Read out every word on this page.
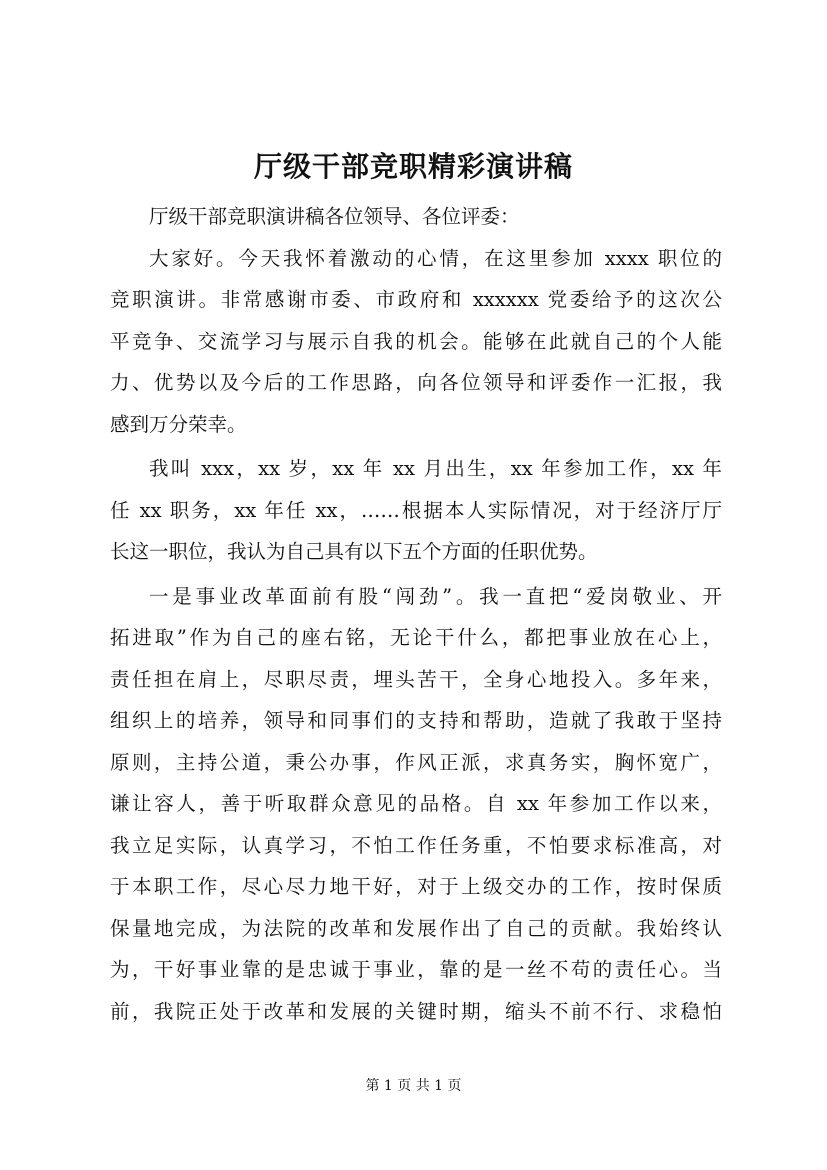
厅级干部竞职精彩演讲稿
厅级干部竞职演讲稿各位领导、各位评委：
大家好。今天我怀着激动的心情，在这里参加 xxxx 职位的
竞职演讲。非常感谢市委、市政府和 xxxxxx 党委给予的这次公
平竞争、交流学习与展示自我的机会。能够在此就自己的个人能
力、优势以及今后的工作思路，向各位领导和评委作一汇报，我
感到万分荣幸。
我叫 xxx，xx 岁，xx 年 xx 月出生，xx 年参加工作，xx 年
任 xx 职务，xx 年任 xx，……根据本人实际情况，对于经济厅厅
长这一职位，我认为自己具有以下五个方面的任职优势。
一是事业改革面前有股“闯劲”。我一直把“爱岗敬业、开
拓进取”作为自己的座右铭，无论干什么，都把事业放在心上，
责任担在肩上，尽职尽责，埋头苦干，全身心地投入。多年来，
组织上的培养，领导和同事们的支持和帮助，造就了我敢于坚持
原则，主持公道，秉公办事，作风正派，求真务实，胸怀宽广，
谦让容人，善于听取群众意见的品格。自 xx 年参加工作以来，
我立足实际，认真学习，不怕工作任务重，不怕要求标准高，对
于本职工作，尽心尽力地干好，对于上级交办的工作，按时保质
保量地完成，为法院的改革和发展作出了自己的贡献。我始终认
为，干好事业靠的是忠诚于事业，靠的是一丝不苟的责任心。当
前，我院正处于改革和发展的关键时期，缩头不前不行、求稳怕
第 1 页 共 1 页
